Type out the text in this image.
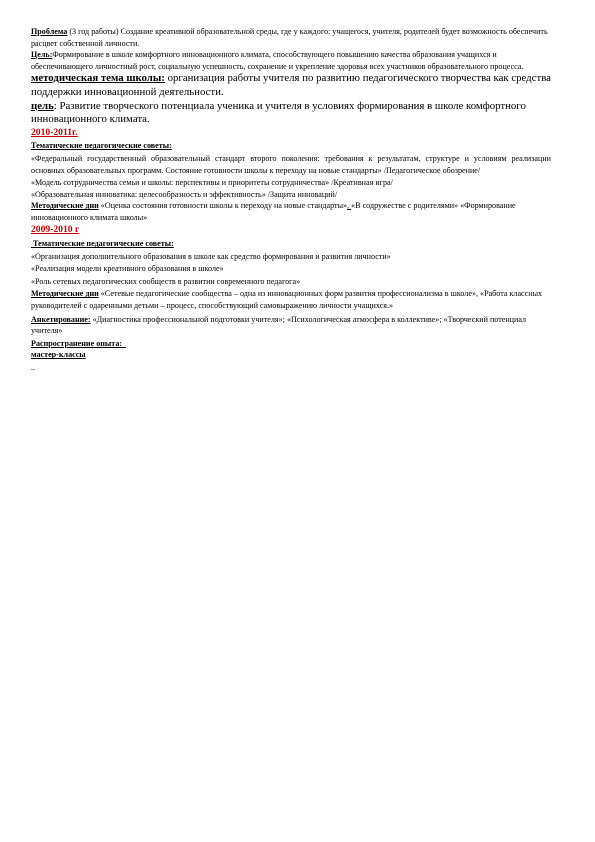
Проблема (3 год работы) Создание креативной образовательной среды, где у каждого: учащегося, учителя, родителей будет возможность обеспечить расцвет собственной личности.

Цель:Формирование в школе комфортного инновационного климата, способствующего повышению качества образования учащихся и обеспечивающего личностный рост, социальную успешность, сохранение и укрепление здоровья всех участников образовательного процесса.

методическая тема школы: организация работы учителя по развитию педагогического творчества как средства поддержки инновационной деятельности.

цель: Развитие творческого потенциала ученика и учителя в условиях формирования в школе комфортного инновационного климата.

2010-2011г.

Тематические педагогические советы:

«Федеральный государственный образовательный стандарт второго поколения: требования к результатам, структуре и условиям реализации основных образовательных программ. Состояние готовности школы к переходу на новые стандарты» /Педагогическое обозрение/

«Модель сотрудничества семьи и школы: перспективы и приоритеты сотрудничества» /Креативная игра/

«Образовательная инноватика: целесообразность и эффективность» /Защита инноваций/

Методические дни «Оценка состояния готовности школы к переходу на новые стандарты», «В содружестве с родителями» «Формирование инновационного климата школы»

2009-2010 г

Тематические педагогические советы:

«Организация дополнительного образования в школе как средство формирования и развития личности»

«Реализация модели креативного образования в школе»

«Роль сетевых педагогических сообществ в развитии современного педагога»

Методические дни «Сетевые педагогические сообщества – одна из инновационных форм развития профессионализма в школе», «Работа классных руководителей с одаренными детьми – процесс, способствующий самовыражению личности учащихся.»

Анкетирование: «Диагностика профессиональной подготовки учителя»; «Психологическая атмосфера в коллективе»; «Творческий потенциал учителя»

Распространение опыта:

мастер-классы

_
